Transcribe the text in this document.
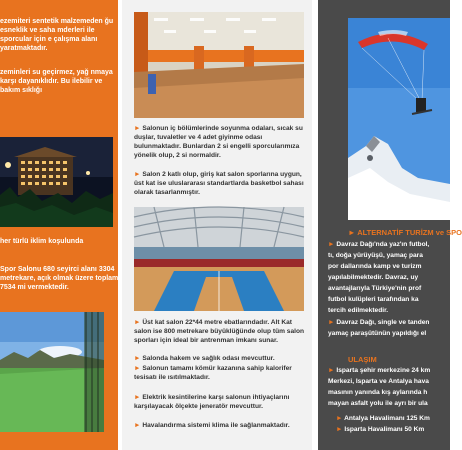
ezemiteri sentetik malzemeden ğu esneklik ve saha mderleri ile sporcular için e çalışma alanı yaratmaktadır.

zeminleri su geçirmez, yağ nmaya karşı dayanıklıdır. Bu ilebilir ve bakım sıklığı

her türlü iklim koşulunda

Spor Salonu 680 seyirci alanı 3304 metrekare, açık olmak üzere toplam 7534 mi vermektedir.

► Salonun iç bölümlerinde soyunma odaları, sıcak su duşlar, tuvaletler ve 4 adet giyinme odası bulunmaktadır. Bunlardan 2 si engelli sporcularımıza yönelik olup, 2 si normaldir.

► Salon 2 katlı olup, giriş kat salon sporlarına uygun, üst kat ise uluslararası standartlarda basketbol sahası olarak tasarlanmıştır.

► Üst kat salon 22*44 metre ebatlarındadır. Alt Kat salon ise 800 metrekare büyüklüğünde olup tüm salon sporları için ideal bir antrenman imkanı sunar.

► Salonda hakem ve sağlık odası mevcuttur.

► Salonun tamamı kömür kazanına sahip kalorifer tesisatı ile ısıtılmaktadır.

► Elektrik kesintilerine karşı salonun ihtiyaçlarını karşılayacak ölçekte jeneratör mevcuttur.

► Havalandırma sistemi klima ile sağlanmaktadır.

► ALTERNATİF TURİZM ve SPO

► Davraz Dağı'nda yaz'ın futbol,

tı, doğa yürüyüşü, yamaç para

por dallarında kamp ve turizm

yapılabilmektedir. Davraz, uy

avantajlarıyla Türkiye'nin prof

futbol kulüpleri tarafından ka

tercih edilmektedir.

► Davraz Dağı, single ve tanden

yamaç paraşütünün yapıldığı el

ULAŞIM

► Isparta şehir merkezine 24 km

Merkezi, Isparta ve Antalya hava

masının yanında kış aylarında h

mayan asfalt yolu ile ayrı bir ula

► Antalya Havalimanı 125 Km

► Isparta Havalimanı 50 Km
